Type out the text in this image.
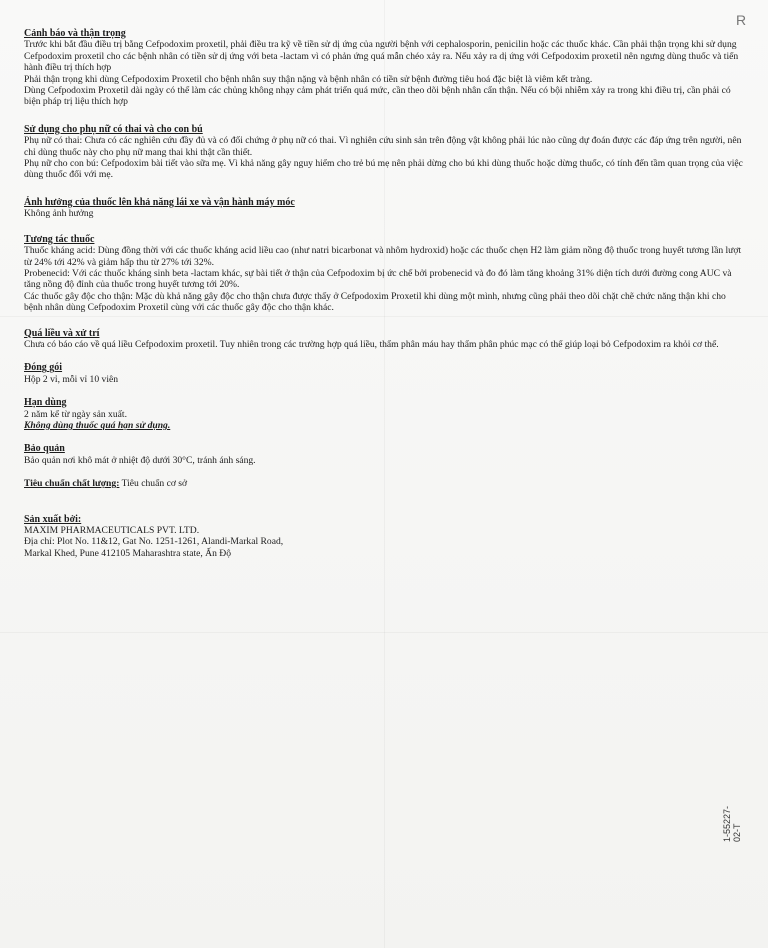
R

Cảnh báo và thận trọng

Trước khi bắt đầu điều trị bằng Cefpodoxim proxetil, phải điều tra kỹ về tiền sử dị ứng của người bệnh với cephalosporin, penicilin hoặc các thuốc khác. Cần phải thận trọng khi sử dụng Cefpodoxim proxetil cho các bệnh nhân có tiền sử dị ứng với beta -lactam vì có phản ứng quá mẫn chéo xảy ra. Nếu xảy ra dị ứng với Cefpodoxim proxetil nên ngưng dùng thuốc và tiến hành điều trị thích hợp

Phải thận trọng khi dùng Cefpodoxim Proxetil cho bệnh nhân suy thận nặng và bệnh nhân có tiền sử bệnh đường tiêu hoá đặc biệt là viêm kết tràng.

Dùng Cefpodoxim Proxetil dài ngày có thể làm các chủng không nhạy cảm phát triển quá mức, cần theo dõi bệnh nhân cẩn thận. Nếu có bội nhiễm xảy ra trong khi điều trị, cần phải có biện pháp trị liệu thích hợp

Sử dụng cho phụ nữ có thai và cho con bú

Phụ nữ có thai: Chưa có các nghiên cứu đầy đủ và có đối chứng ở phụ nữ có thai. Vì nghiên cứu sinh sản trên động vật không phải lúc nào cũng dự đoán được các đáp ứng trên người, nên chỉ dùng thuốc này cho phụ nữ mang thai khi thật cần thiết.

Phụ nữ cho con bú: Cefpodoxim bài tiết vào sữa mẹ. Vì khả năng gây nguy hiểm cho trẻ bú mẹ nên phải dừng cho bú khi dùng thuốc hoặc dừng thuốc, có tính đến tầm quan trọng của việc dùng thuốc đối với mẹ.

Ảnh hưởng của thuốc lên khả năng lái xe và vận hành máy móc

Không ảnh hưởng

Tương tác thuốc

Thuốc kháng acid: Dùng đồng thời với các thuốc kháng acid liều cao (như natri bicarbonat và nhôm hydroxid) hoặc các thuốc chẹn H2 làm giảm nồng độ thuốc trong huyết tương lần lượt từ 24% tới 42% và giảm hấp thu từ 27% tới 32%.

Probenecid: Với các thuốc kháng sinh beta -lactam khác, sự bài tiết ở thận của Cefpodoxim bị ức chế bởi probenecid và đo đó làm tăng khoảng 31% diện tích dưới đường cong AUC và tăng nồng độ đỉnh của thuốc trong huyết tương tới 20%.

Các thuốc gây độc cho thận: Mặc dù khả năng gây độc cho thận chưa được thấy ở Cefpodoxim Proxetil khi dùng một mình, nhưng cũng phải theo dõi chặt chẽ chức năng thận khi cho bệnh nhân dùng Cefpodoxim Proxetil cùng với các thuốc gây độc cho thận khác.

Quá liều và xử trí

Chưa có báo cáo về quá liều Cefpodoxim proxetil. Tuy nhiên trong các trường hợp quá liều, thẩm phân máu hay thẩm phân phúc mạc có thể giúp loại bỏ Cefpodoxim ra khỏi cơ thể.

Đóng gói

Hộp 2 vỉ, mỗi vỉ 10 viên

Hạn dùng

2 năm kể từ ngày sản xuất.

Không dùng thuốc quá hạn sử dụng.

Bảo quản

Bảo quản nơi khô mát ở nhiệt độ dưới 30°C, tránh ánh sáng.

Tiêu chuẩn chất lượng: Tiêu chuẩn cơ sở

Sản xuất bởi:

MAXIM PHARMACEUTICALS PVT. LTD.

Địa chỉ: Plot No. 11&12, Gat No. 1251-1261, Alandi-Markal Road,

Markal Khed, Pune 412105 Maharashtra state, Ấn Độ

1-55227-02-T
